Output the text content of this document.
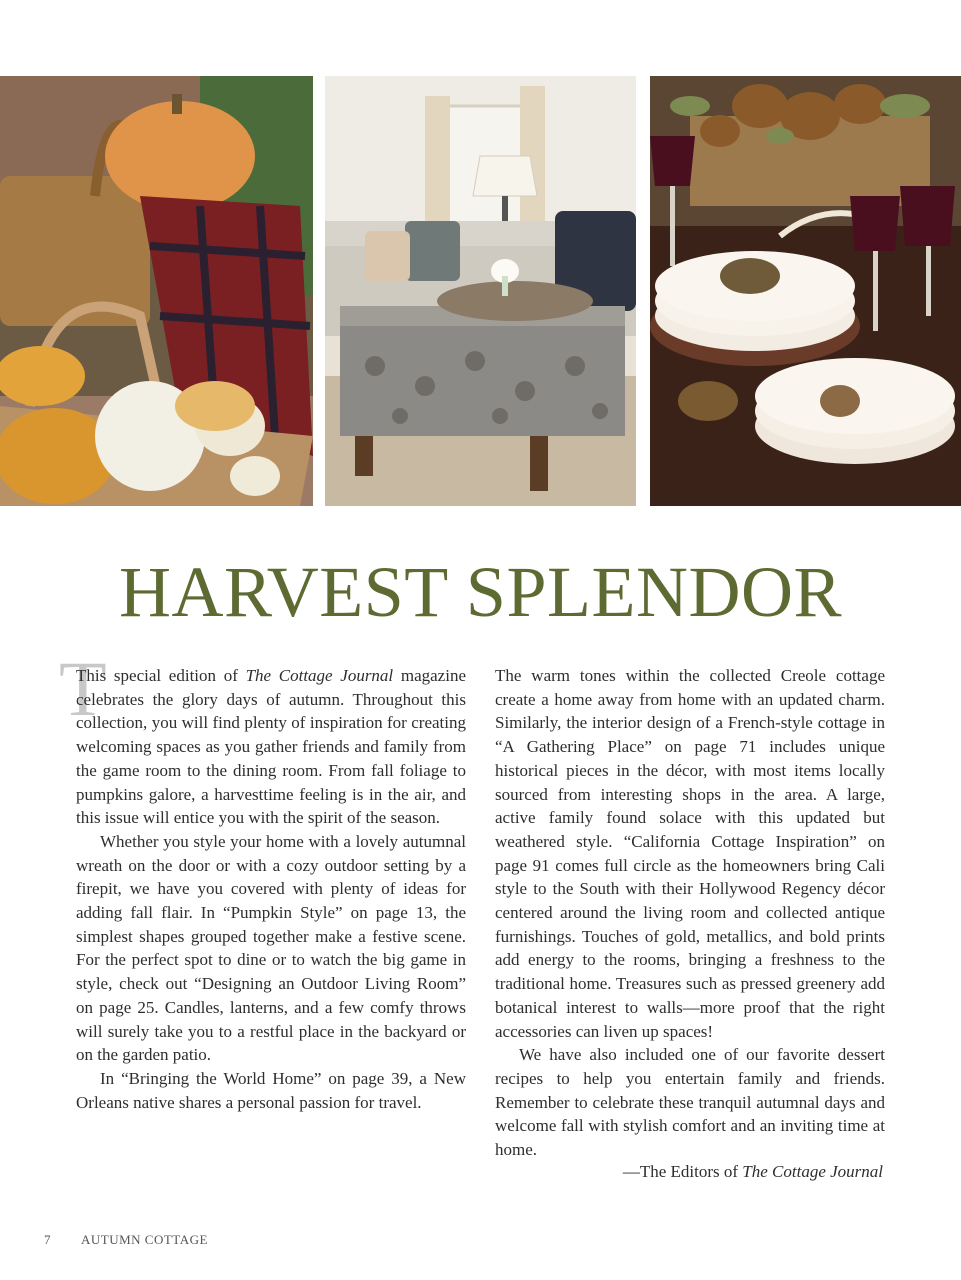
HARVEST SPLENDOR
T

This special edition of The Cottage Journal magazine celebrates the glory days of autumn. Throughout this collection, you will find plenty of inspiration for creating welcoming spaces as you gather friends and family from the game room to the dining room. From fall foliage to pumpkins galore, a harvesttime feeling is in the air, and this issue will entice you with the spirit of the season.

Whether you style your home with a lovely autumnal wreath on the door or with a cozy outdoor setting by a firepit, we have you covered with plenty of ideas for adding fall flair. In “Pumpkin Style” on page 13, the simplest shapes grouped together make a festive scene. For the perfect spot to dine or to watch the big game in style, check out “Designing an Outdoor Living Room” on page 25. Candles, lanterns, and a few comfy throws will surely take you to a restful place in the backyard or on the garden patio.

In “Bringing the World Home” on page 39, a New Orleans native shares a personal passion for travel.

The warm tones within the collected Creole cottage create a home away from home with an updated charm. Similarly, the interior design of a French-style cottage in “A Gathering Place” on page 71 includes unique historical pieces in the décor, with most items locally sourced from interesting shops in the area. A large, active family found solace with this updated but weathered style. “California Cottage Inspiration” on page 91 comes full circle as the homeowners bring Cali style to the South with their Hollywood Regency décor centered around the living room and collected antique furnishings. Touches of gold, metallics, and bold prints add energy to the rooms, bringing a freshness to the traditional home. Treasures such as pressed greenery add botanical interest to walls—more proof that the right accessories can liven up spaces!

We have also included one of our favorite dessert recipes to help you entertain family and friends. Remember to celebrate these tranquil autumnal days and welcome fall with stylish comfort and an inviting time at home.

—The Editors of The Cottage Journal
7 AUTUMN COTTAGE
